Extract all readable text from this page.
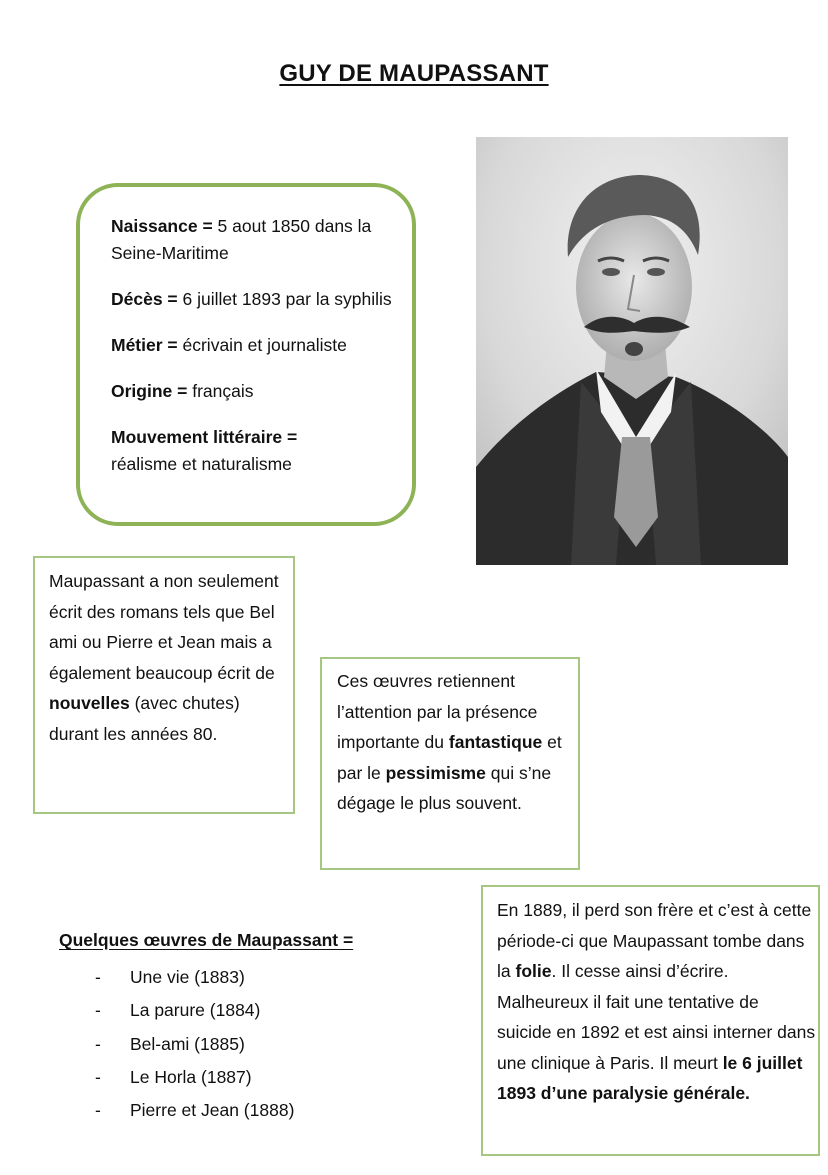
GUY DE MAUPASSANT
Naissance = 5 aout 1850 dans la Seine-Maritime
Décès = 6 juillet 1893 par la syphilis
Métier = écrivain et journaliste
Origine = français
Mouvement littéraire =
réalisme et naturalisme
Maupassant a non seulement écrit des romans tels que Bel ami ou Pierre et Jean mais a également beaucoup écrit de nouvelles (avec chutes) durant les années 80.
Ces œuvres retiennent l’attention par la présence importante du fantastique et par le pessimisme qui s’ne dégage le plus souvent.
Quelques œuvres de Maupassant =
- Une vie (1883)
- La parure (1884)
- Bel-ami (1885)
- Le Horla (1887)
- Pierre et Jean (1888)
En 1889, il perd son frère et c’est à cette période-ci que Maupassant tombe dans la folie. Il cesse ainsi d’écrire. Malheureux il fait une tentative de suicide en 1892 et est ainsi interner dans une clinique à Paris. Il meurt le 6 juillet 1893 d’une paralysie générale.
